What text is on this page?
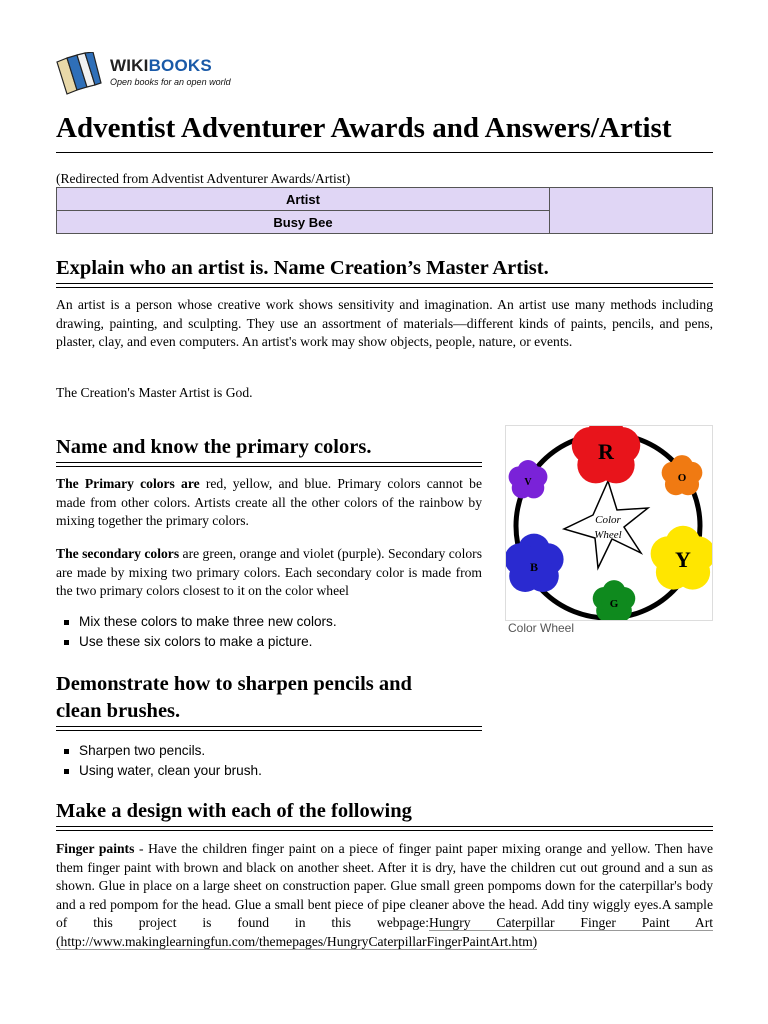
WIKIBOOKS
Open books for an open world
Adventist Adventurer Awards and Answers/Artist
(Redirected from Adventist Adventurer Awards/Artist)
Artist	
Busy Bee
Explain who an artist is. Name Creation’s Master Artist.

An artist is a person whose creative work shows sensitivity and imagination. An artist use many methods including drawing, painting, and sculpting. They use an assortment of materials—different kinds of paints, pencils, and pens, plaster, clay, and even computers. An artist's work may show objects, people, nature, or events.

The Creation's Master Artist is God.

Name and know the primary colors.

The Primary colors are red, yellow, and blue. Primary colors cannot be made from other colors. Artists create all the other colors of the rainbow by mixing together the primary colors.

The secondary colors are green, orange and violet (purple). Secondary colors are made by mixing two primary colors. Each secondary color is made from the two primary colors closest to it on the color wheel

Mix these colors to make three new colors.
Use these six colors to make a picture.
Color
Wheel
R
O
Y
G
B
V
Color Wheel
Demonstrate how to sharpen pencils and
clean brushes.
Sharpen two pencils.
Using water, clean your brush.
Make a design with each of the following

Finger paints - Have the children finger paint on a piece of finger paint paper mixing orange and yellow. Then have them finger paint with brown and black on another sheet. After it is dry, have the children cut out ground and a sun as shown. Glue in place on a large sheet on construction paper. Glue small green pompoms down for the caterpillar's body and a red pompom for the head. Glue a small bent piece of pipe cleaner above the head. Add tiny wiggly eyes.A sample of this project is found in this webpage:Hungry Caterpillar Finger Paint Art (http://www.makinglearningfun.com/themepages/HungryCaterpillarFingerPaintArt.htm)
